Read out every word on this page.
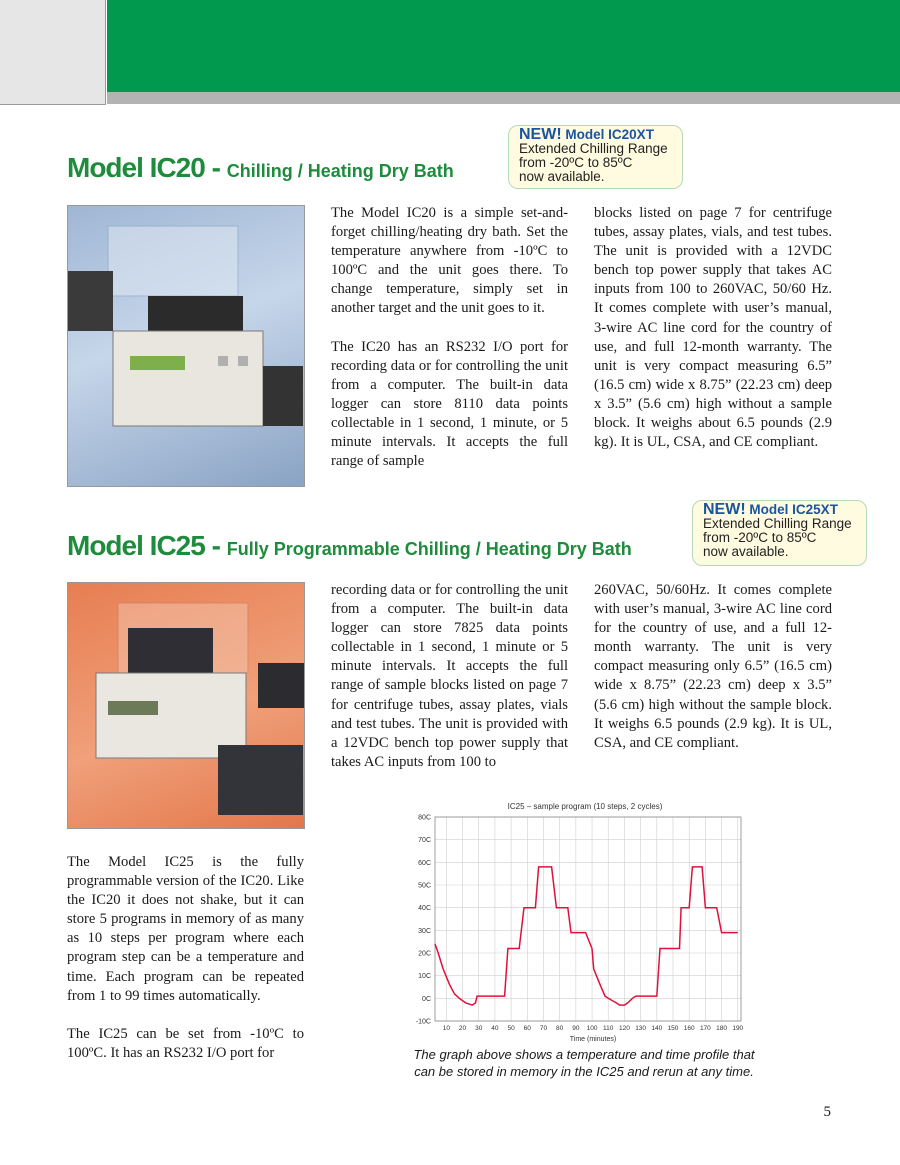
Model IC20 - Chilling / Heating Dry Bath
NEW! Model IC20XT
Extended Chilling Range
from -20ºC to 85ºC
now available.

The Model IC20 is a simple set-and-forget chilling/heating dry bath. Set the temperature anywhere from -10ºC to 100ºC and the unit goes there. To change temperature, simply set in another target and the unit goes to it.

The IC20 has an RS232 I/O port for recording data or for controlling the unit from a computer. The built-in data logger can store 8110 data points collectable in 1 second, 1 minute, or 5 minute intervals. It accepts the full range of sample

blocks listed on page 7 for centrifuge tubes, assay plates, vials, and test tubes. The unit is provided with a 12VDC bench top power supply that takes AC inputs from 100 to 260VAC, 50/60 Hz. It comes complete with user’s manual, 3-wire AC line cord for the country of use, and full 12-month warranty. The unit is very compact measuring 6.5” (16.5 cm) wide x 8.75” (22.23 cm) deep x 3.5” (5.6 cm) high without a sample block. It weighs about 6.5 pounds (2.9 kg). It is UL, CSA, and CE compliant.

Model IC25 - Fully Programmable Chilling / Heating Dry Bath
NEW! Model IC25XT
Extended Chilling Range
from -20ºC to 85ºC
now available.

The Model IC25 is the fully programmable version of the IC20. Like the IC20 it does not shake, but it can store 5 programs in memory of as many as 10 steps per program where each program step can be a temperature and time. Each program can be repeated from 1 to 99 times automatically.

The IC25 can be set from -10ºC to 100ºC. It has an RS232 I/O port for

recording data or for controlling the unit from a computer. The built-in data logger can store 7825 data points collectable in 1 second, 1 minute or 5 minute intervals. It accepts the full range of sample blocks listed on page 7 for centrifuge tubes, assay plates, vials and test tubes. The unit is provided with a 12VDC bench top power supply that takes AC inputs from 100 to

260VAC, 50/60Hz. It comes complete with user’s manual, 3-wire AC line cord for the country of use, and a full 12-month warranty. The unit is very compact measuring only 6.5” (16.5 cm) wide x 8.75” (22.23 cm) deep x 3.5” (5.6 cm) high without the sample block. It weighs 6.5 pounds (2.9 kg). It is UL, CSA, and CE compliant.

IC25 – sample program (10 steps, 2 cycles)
-10C
0C
10C
20C
30C
40C
50C
60C
70C
80C
10 20 30 40 50 60 70 80 90 100 110 120 130 140 150 160 170 180 190
Time (minutes)
The graph above shows a temperature and time profile that
can be stored in memory in the IC25 and rerun at any time.
5
